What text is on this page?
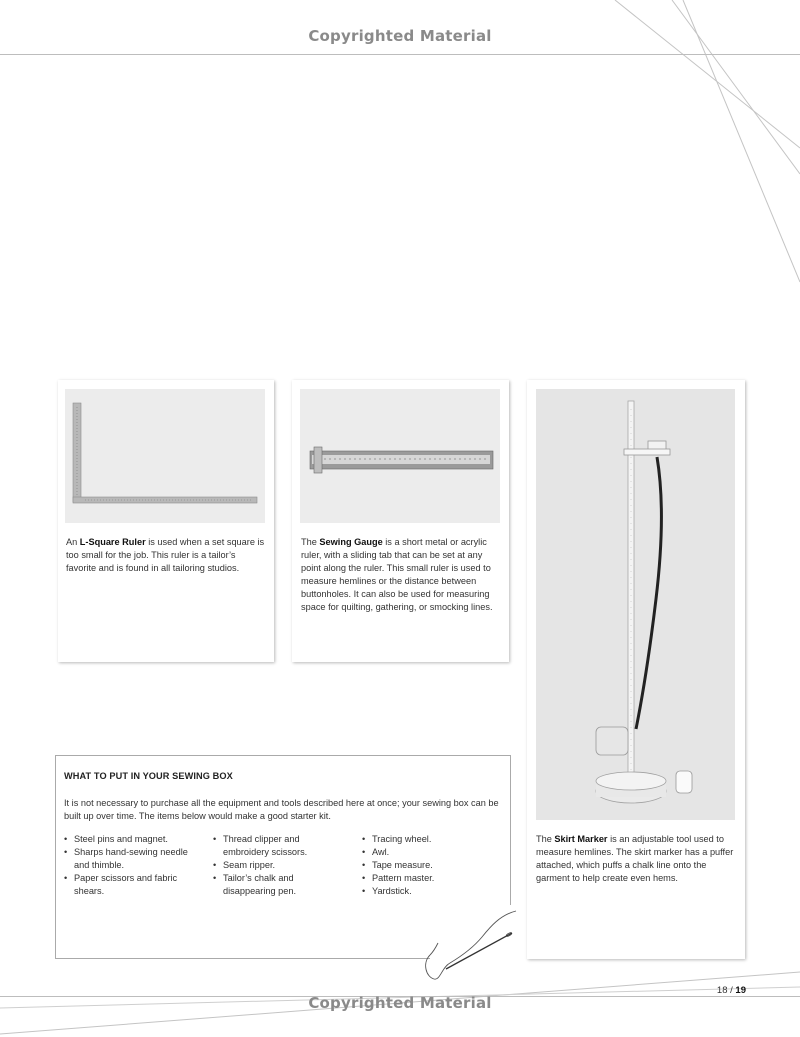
Copyrighted Material
An L-Square Ruler is used when a set square is too small for the job. This ruler is a tailor’s favorite and is found in all tailoring studios.
The Sewing Gauge is a short metal or acrylic ruler, with a sliding tab that can be set at any point along the ruler. This small ruler is used to measure hemlines or the distance between buttonholes. It can also be used for measuring space for quilting, gathering, or smocking lines.
The Skirt Marker is an adjustable tool used to measure hemlines. The skirt marker has a puffer attached, which puffs a chalk line onto the garment to help create even hems.
WHAT TO PUT IN YOUR SEWING BOX
It is not necessary to purchase all the equipment and tools described here at once; your sewing box can be built up over time. The items below would make a good starter kit.
• Steel pins and magnet.
• Sharps hand-sewing needle and thimble.
• Paper scissors and fabric shears.
• Thread clipper and embroidery scissors.
• Seam ripper.
• Tailor’s chalk and disappearing pen.
• Tracing wheel.
• Awl.
• Tape measure.
• Pattern master.
• Yardstick.
Copyrighted Material
18 / 19
